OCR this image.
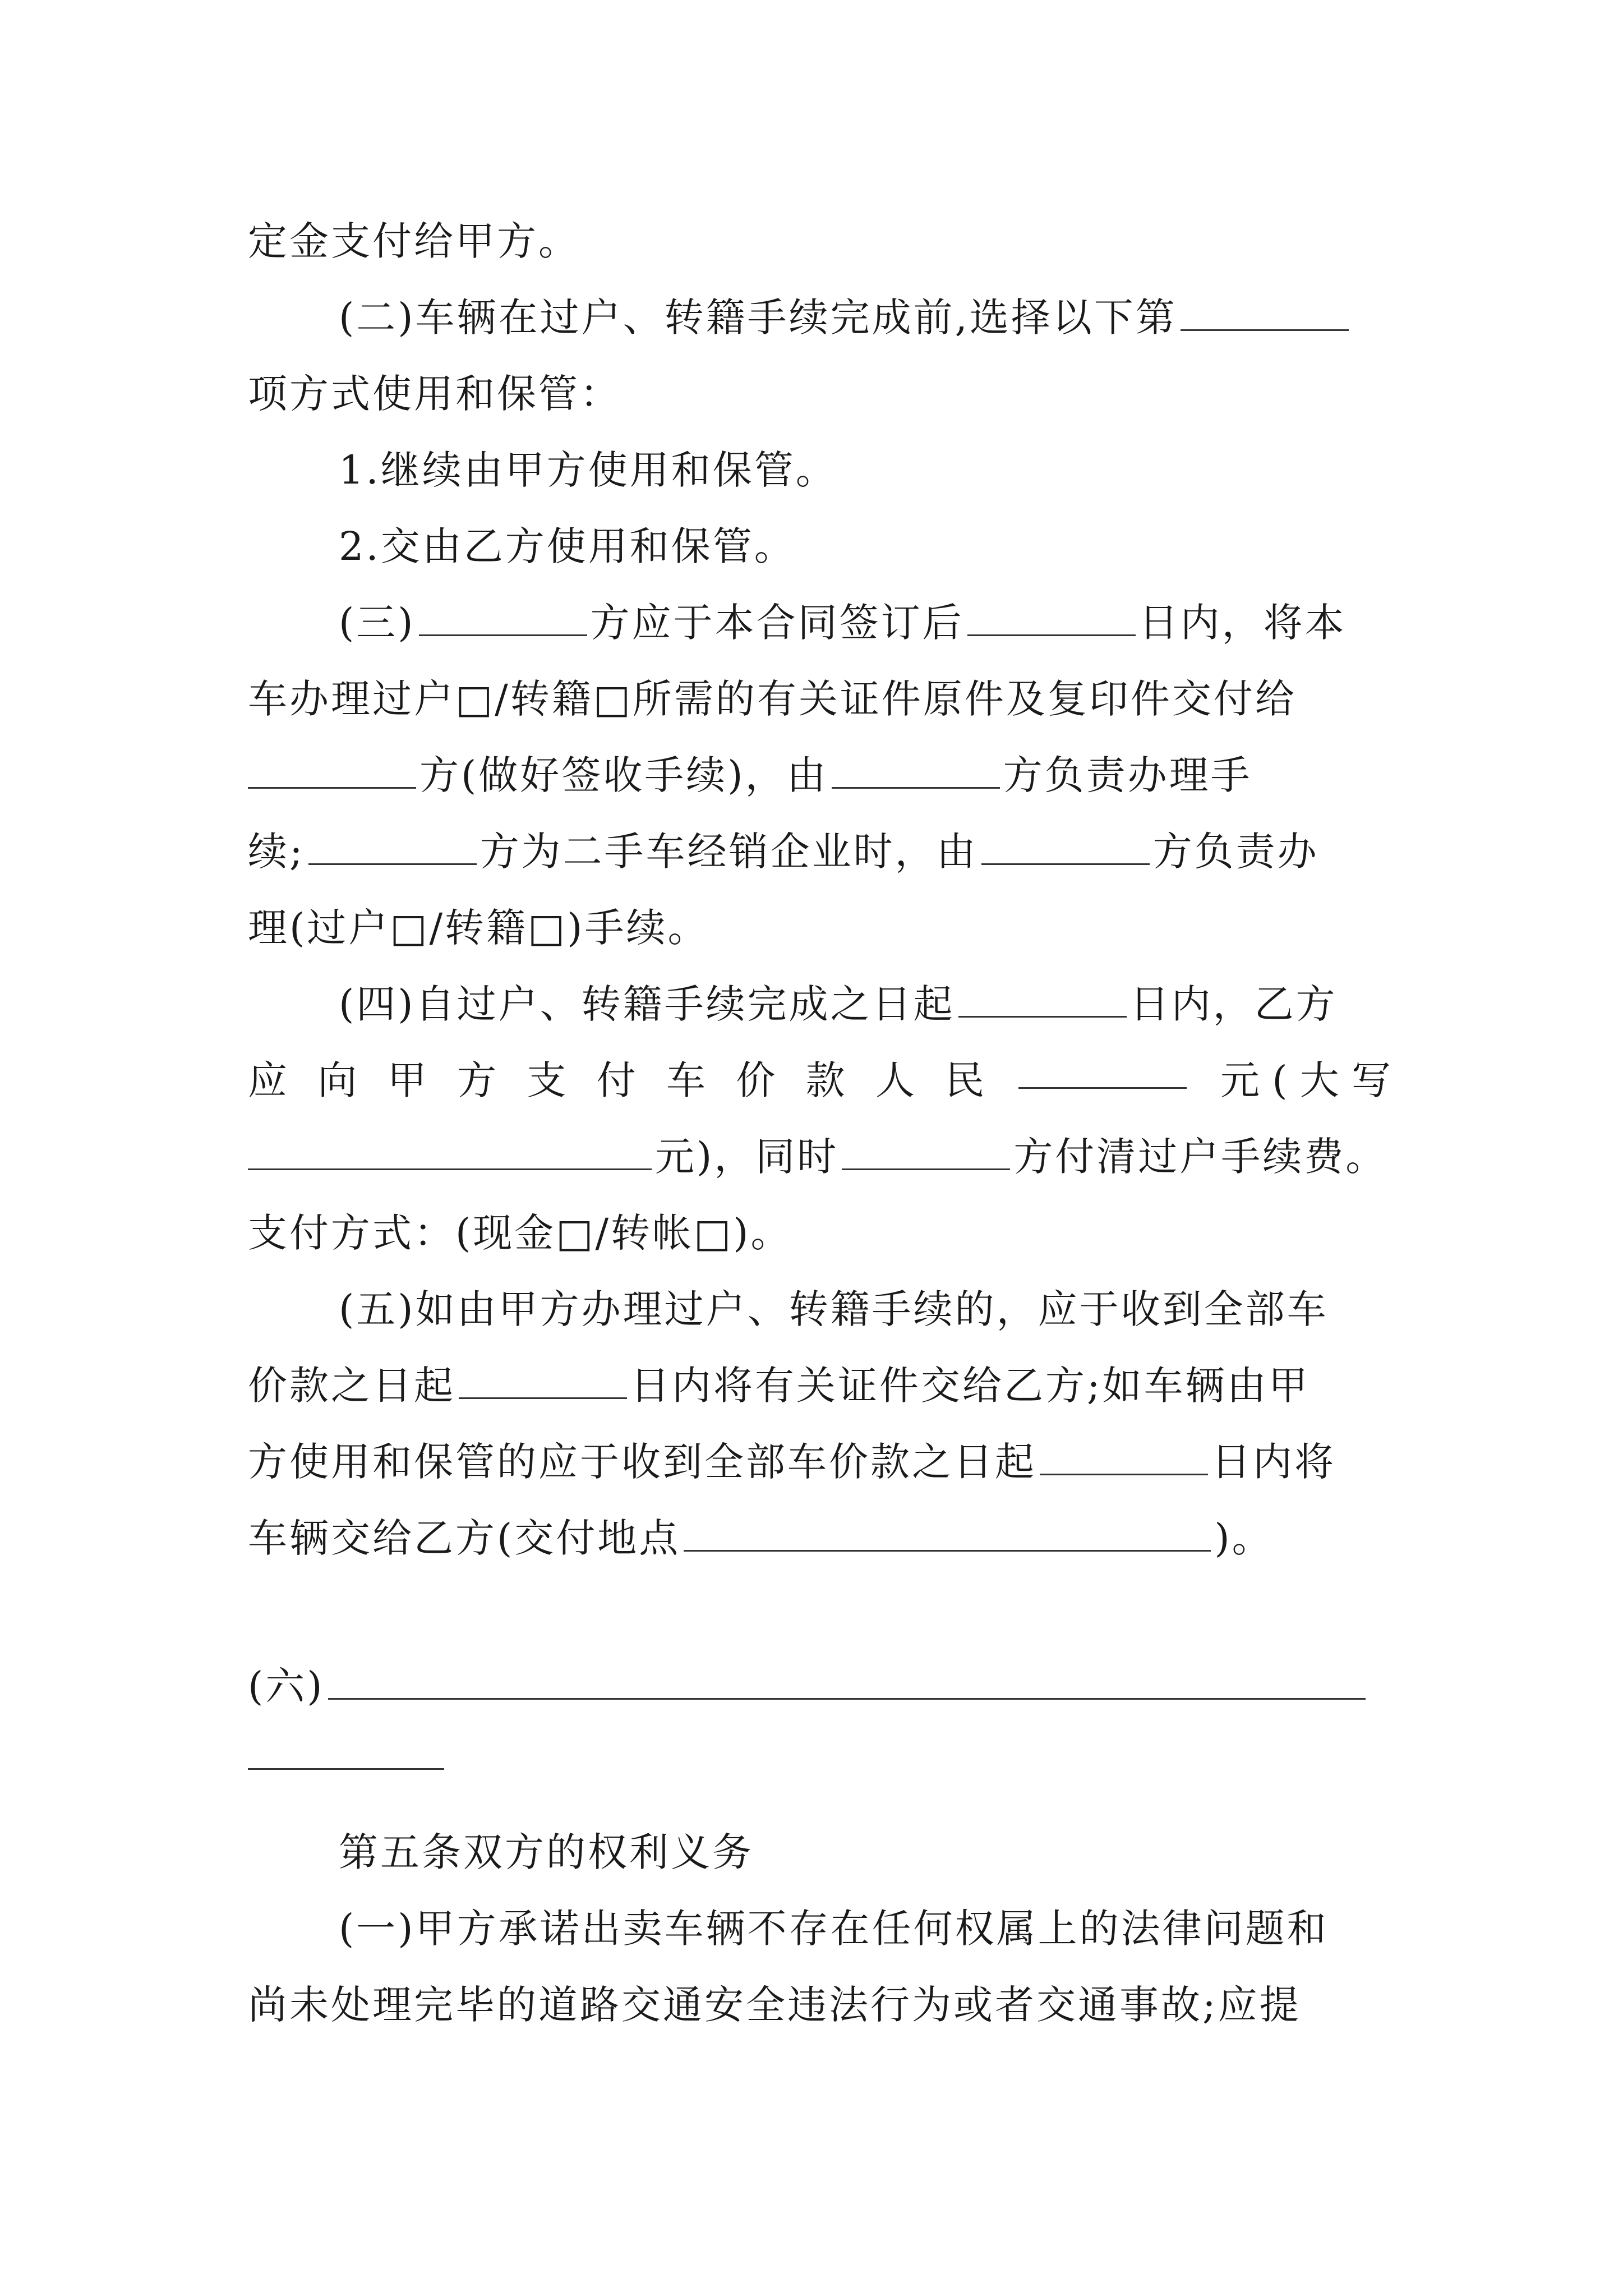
定金支付给甲方。
(二)车辆在过户、转籍手续完成前,选择以下第
项方式使用和保管：
1.继续由甲方使用和保管。
2.交由乙方使用和保管。
(三)	方应于本合同签订后	日内，将本
车办理过户□/转籍□所需的有关证件原件及复印件交付给
方(做好签收手续)，由	方负责办理手
续;	方为二手车经销企业时，由	方负责办
理(过户□/转籍□)手续。
(四)自过户、转籍手续完成之日起	日内，乙方
应 向 甲 方 支 付 车 价 款 人 民	元 ( 大 写
元)，同时	方付清过户手续费。
支付方式：(现金□/转帐□)。
(五)如由甲方办理过户、转籍手续的，应于收到全部车
价款之日起	日内将有关证件交给乙方;如车辆由甲
方使用和保管的应于收到全部车价款之日起	日内将
车辆交给乙方(交付地点	)。
(六)
第五条双方的权利义务
(一)甲方承诺出卖车辆不存在任何权属上的法律问题和
尚未处理完毕的道路交通安全违法行为或者交通事故;应提
